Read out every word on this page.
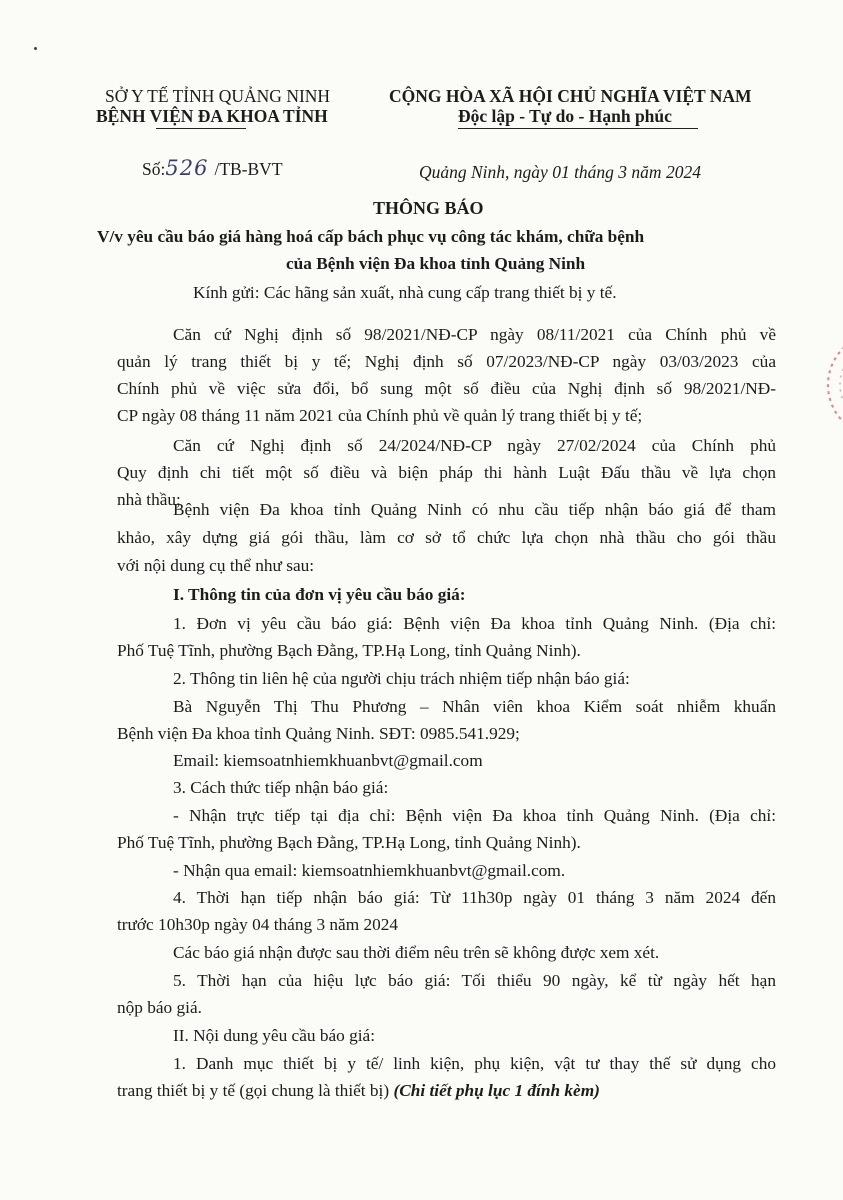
SỞ Y TẾ TỈNH QUẢNG NINH
BỆNH VIỆN ĐA KHOA TỈNH
CỘNG HÒA XÃ HỘI CHỦ NGHĨA VIỆT NAM
Độc lập - Tự do - Hạnh phúc
Số:526 /TB-BVT	Quảng Ninh, ngày 01 tháng 3 năm 2024
THÔNG BÁO
V/v yêu cầu báo giá hàng hoá cấp bách phục vụ công tác khám, chữa bệnh
của Bệnh viện Đa khoa tỉnh Quảng Ninh
Kính gửi: Các hãng sản xuất, nhà cung cấp trang thiết bị y tế.
Căn cứ Nghị định số 98/2021/NĐ-CP ngày 08/11/2021 của Chính phủ về
quản lý trang thiết bị y tế; Nghị định số 07/2023/NĐ-CP ngày 03/03/2023 của
Chính phủ về việc sửa đổi, bổ sung một số điều của Nghị định số 98/2021/NĐ-
CP ngày 08 tháng 11 năm 2021 của Chính phủ về quản lý trang thiết bị y tế;
Căn cứ Nghị định số 24/2024/NĐ-CP ngày 27/02/2024 của Chính phủ
Quy định chi tiết một số điều và biện pháp thi hành Luật Đấu thầu về lựa chọn
nhà thầu;
Bệnh viện Đa khoa tỉnh Quảng Ninh có nhu cầu tiếp nhận báo giá để tham
khảo, xây dựng giá gói thầu, làm cơ sở tổ chức lựa chọn nhà thầu cho gói thầu
với nội dung cụ thể như sau:
I. Thông tin của đơn vị yêu cầu báo giá:
1. Đơn vị yêu cầu báo giá: Bệnh viện Đa khoa tỉnh Quảng Ninh. (Địa chỉ:
Phố Tuệ Tĩnh, phường Bạch Đằng, TP.Hạ Long, tỉnh Quảng Ninh).
2. Thông tin liên hệ của người chịu trách nhiệm tiếp nhận báo giá:
Bà Nguyễn Thị Thu Phương – Nhân viên khoa Kiểm soát nhiễm khuẩn
Bệnh viện Đa khoa tỉnh Quảng Ninh. SĐT: 0985.541.929;
Email: kiemsoatnhiemkhuanbvt@gmail.com
3. Cách thức tiếp nhận báo giá:
- Nhận trực tiếp tại địa chỉ: Bệnh viện Đa khoa tỉnh Quảng Ninh. (Địa chỉ:
Phố Tuệ Tĩnh, phường Bạch Đằng, TP.Hạ Long, tỉnh Quảng Ninh).
- Nhận qua email: kiemsoatnhiemkhuanbvt@gmail.com.
4. Thời hạn tiếp nhận báo giá: Từ 11h30p ngày 01 tháng 3 năm 2024 đến
trước 10h30p ngày 04 tháng 3 năm 2024
Các báo giá nhận được sau thời điểm nêu trên sẽ không được xem xét.
5. Thời hạn của hiệu lực báo giá: Tối thiểu 90 ngày, kể từ ngày hết hạn
nộp báo giá.
II. Nội dung yêu cầu báo giá:
1. Danh mục thiết bị y tế/ linh kiện, phụ kiện, vật tư thay thế sử dụng cho
trang thiết bị y tế (gọi chung là thiết bị) (Chi tiết phụ lục 1 đính kèm)
